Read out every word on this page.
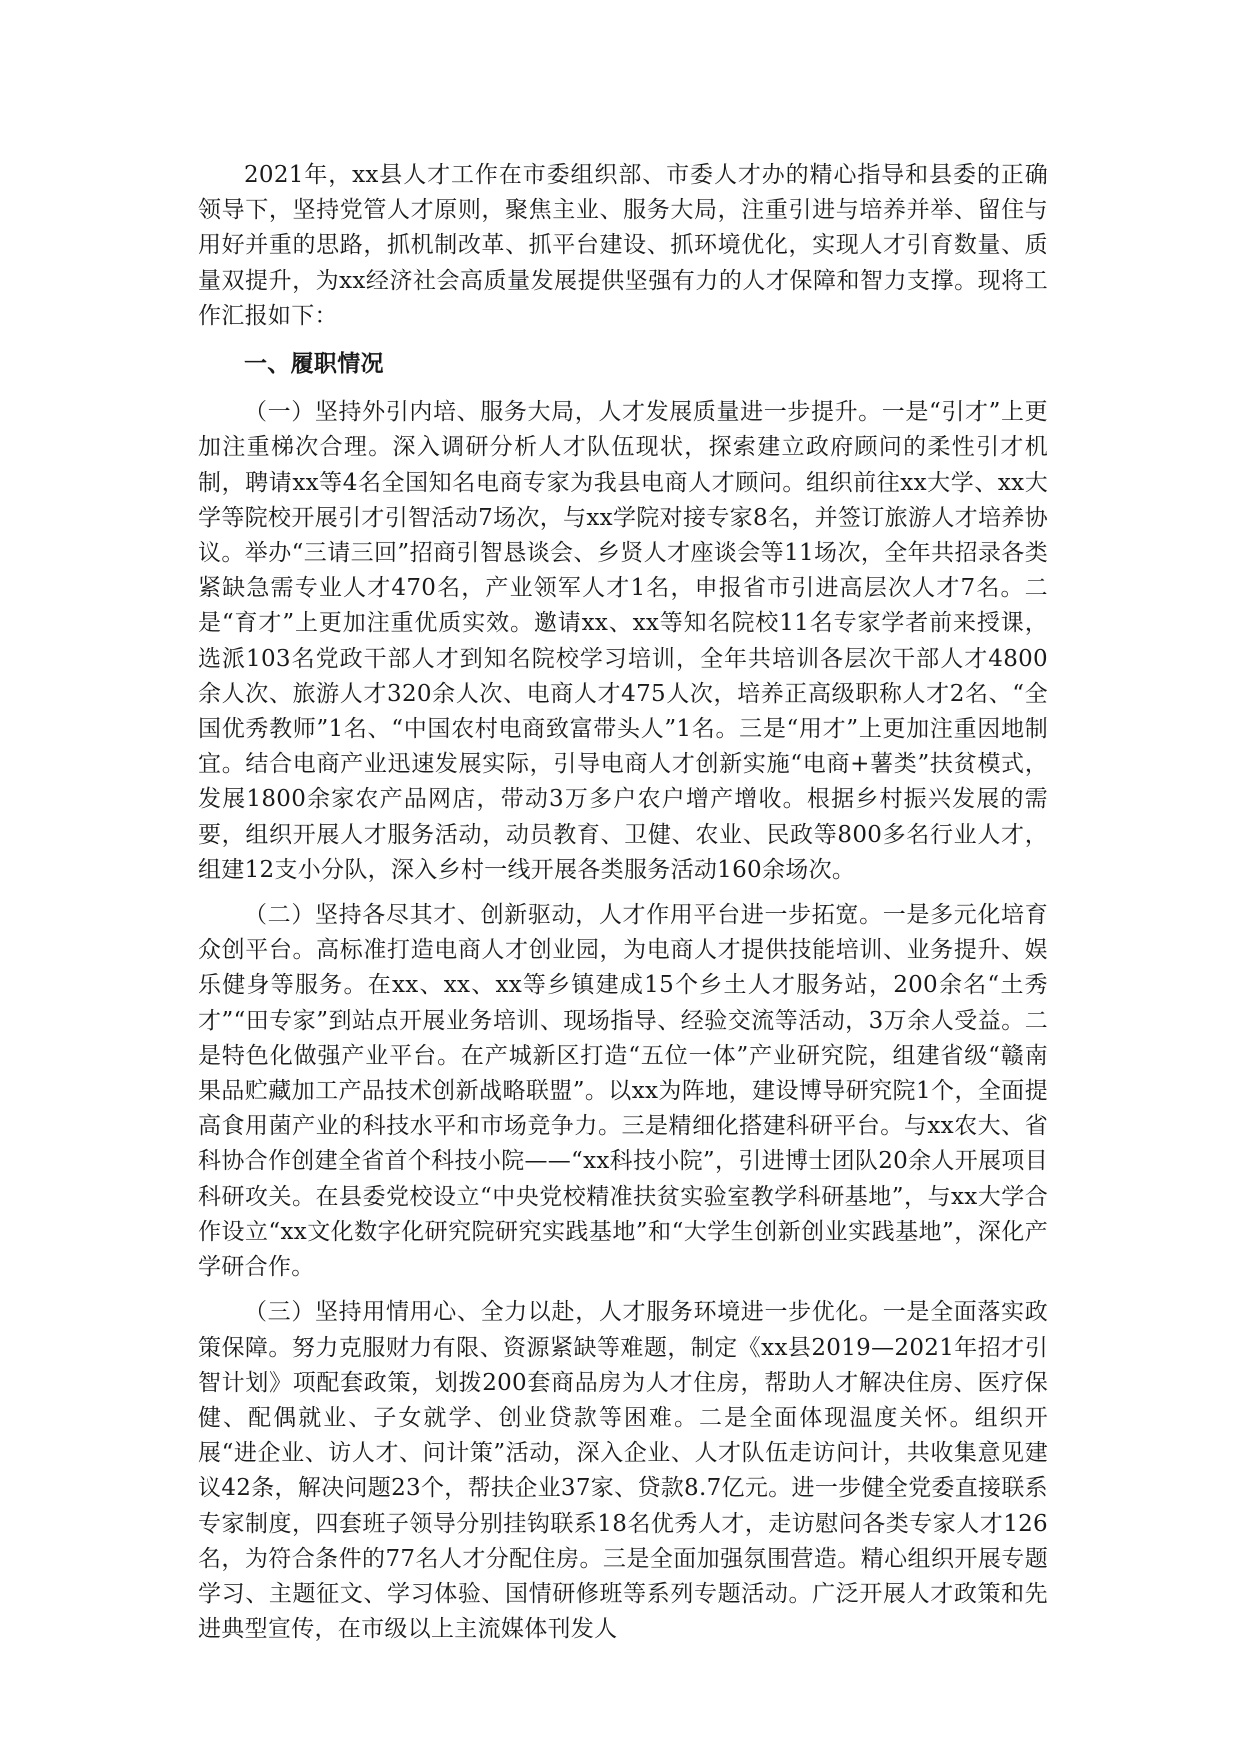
2021年，xx县人才工作在市委组织部、市委人才办的精心指导和县委的正确领导下，坚持党管人才原则，聚焦主业、服务大局，注重引进与培养并举、留住与用好并重的思路，抓机制改革、抓平台建设、抓环境优化，实现人才引育数量、质量双提升，为xx经济社会高质量发展提供坚强有力的人才保障和智力支撑。现将工作汇报如下：

一、履职情况

（一）坚持外引内培、服务大局，人才发展质量进一步提升。一是“引才”上更加注重梯次合理。深入调研分析人才队伍现状，探索建立政府顾问的柔性引才机制，聘请xx等4名全国知名电商专家为我县电商人才顾问。组织前往xx大学、xx大学等院校开展引才引智活动7场次，与xx学院对接专家8名，并签订旅游人才培养协议。举办“三请三回”招商引智恳谈会、乡贤人才座谈会等11场次，全年共招录各类紧缺急需专业人才470名，产业领军人才1名，申报省市引进高层次人才7名。二是“育才”上更加注重优质实效。邀请xx、xx等知名院校11名专家学者前来授课，选派103名党政干部人才到知名院校学习培训，全年共培训各层次干部人才4800余人次、旅游人才320余人次、电商人才475人次，培养正高级职称人才2名、“全国优秀教师”1名、“中国农村电商致富带头人”1名。三是“用才”上更加注重因地制宜。结合电商产业迅速发展实际，引导电商人才创新实施“电商+薯类”扶贫模式，发展1800余家农产品网店，带动3万多户农户增产增收。根据乡村振兴发展的需要，组织开展人才服务活动，动员教育、卫健、农业、民政等800多名行业人才，组建12支小分队，深入乡村一线开展各类服务活动160余场次。

（二）坚持各尽其才、创新驱动，人才作用平台进一步拓宽。一是多元化培育众创平台。高标准打造电商人才创业园，为电商人才提供技能培训、业务提升、娱乐健身等服务。在xx、xx、xx等乡镇建成15个乡土人才服务站，200余名“土秀才”“田专家”到站点开展业务培训、现场指导、经验交流等活动，3万余人受益。二是特色化做强产业平台。在产城新区打造“五位一体”产业研究院，组建省级“赣南果品贮藏加工产品技术创新战略联盟”。以xx为阵地，建设博导研究院1个，全面提高食用菌产业的科技水平和市场竞争力。三是精细化搭建科研平台。与xx农大、省科协合作创建全省首个科技小院——“xx科技小院”，引进博士团队20余人开展项目科研攻关。在县委党校设立“中央党校精准扶贫实验室教学科研基地”，与xx大学合作设立“xx文化数字化研究院研究实践基地”和“大学生创新创业实践基地”，深化产学研合作。

（三）坚持用情用心、全力以赴，人才服务环境进一步优化。一是全面落实政策保障。努力克服财力有限、资源紧缺等难题，制定《xx县2019—2021年招才引智计划》项配套政策，划拨200套商品房为人才住房，帮助人才解决住房、医疗保健、配偶就业、子女就学、创业贷款等困难。二是全面体现温度关怀。组织开展“进企业、访人才、问计策”活动，深入企业、人才队伍走访问计，共收集意见建议42条，解决问题23个，帮扶企业37家、贷款8.7亿元。进一步健全党委直接联系专家制度，四套班子领导分别挂钩联系18名优秀人才，走访慰问各类专家人才126名，为符合条件的77名人才分配住房。三是全面加强氛围营造。精心组织开展专题学习、主题征文、学习体验、国情研修班等系列专题活动。广泛开展人才政策和先进典型宣传，在市级以上主流媒体刊发人
